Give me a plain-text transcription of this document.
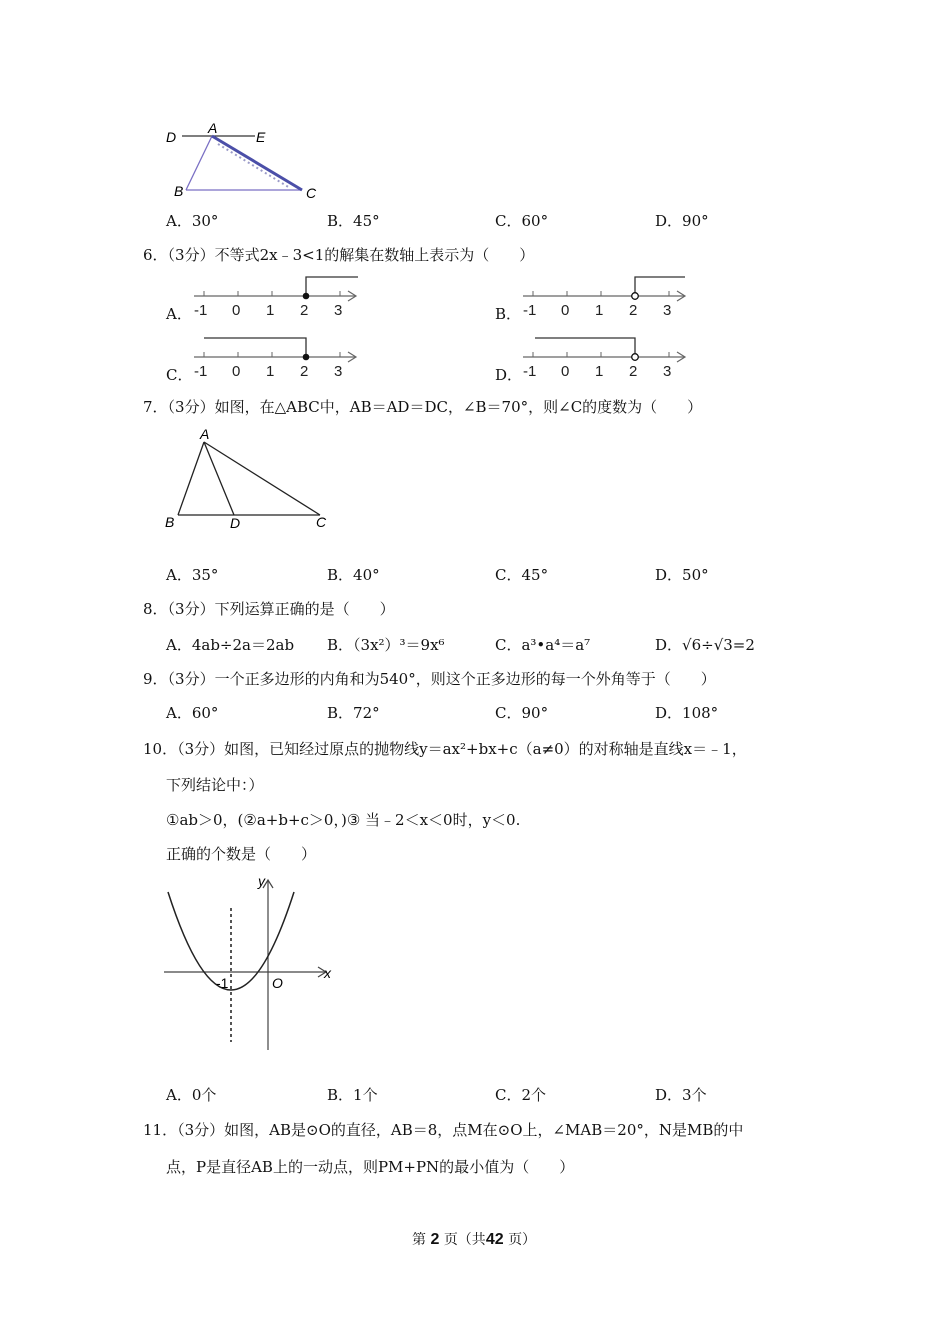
D
A
E
B	C
A．30°	B．45°	C．60°	D．90°
6．（3分）不等式2x﹣3<1的解集在数轴上表示为（　　）
A．	B．
C．	D．
-1 0 1 2 3	-1 0 1 2 3
-1 0 1 2 3	-1 0 1 2 3
7．（3分）如图，在△ABC中，AB＝AD＝DC，∠B＝70°，则∠C的度数为（　　）
A
B	D	C
A．35°	B．40°	C．45°	D．50°
8．（3分）下列运算正确的是（　　）
A．4ab÷2a＝2ab B．（3x²）³＝9x⁶	C．a³•a⁴＝a⁷	D．√6÷√3=2
9．（3分）一个正多边形的内角和为540°，则这个正多边形的每一个外角等于（　　）
A．60°	B．72°	C．90°	D．108°
10．（3分）如图，已知经过原点的抛物线y＝ax²+bx+c（a≠0）的对称轴是直线x＝﹣1，
下列结论中：）
①ab＞0，(②a+b+c＞0，)③ 当﹣2＜x＜0时，y＜0.
正确的个数是（　　）
y
x
-1	O
A．0个	B．1个	C．2个	D．3个
11．（3分）如图，AB是⊙O的直径，AB＝8，点M在⊙O上，∠MAB＝20°，N是MB的中
点，P是直径AB上的一动点，则PM+PN的最小值为（　　）
第 2 页（共42 页）
